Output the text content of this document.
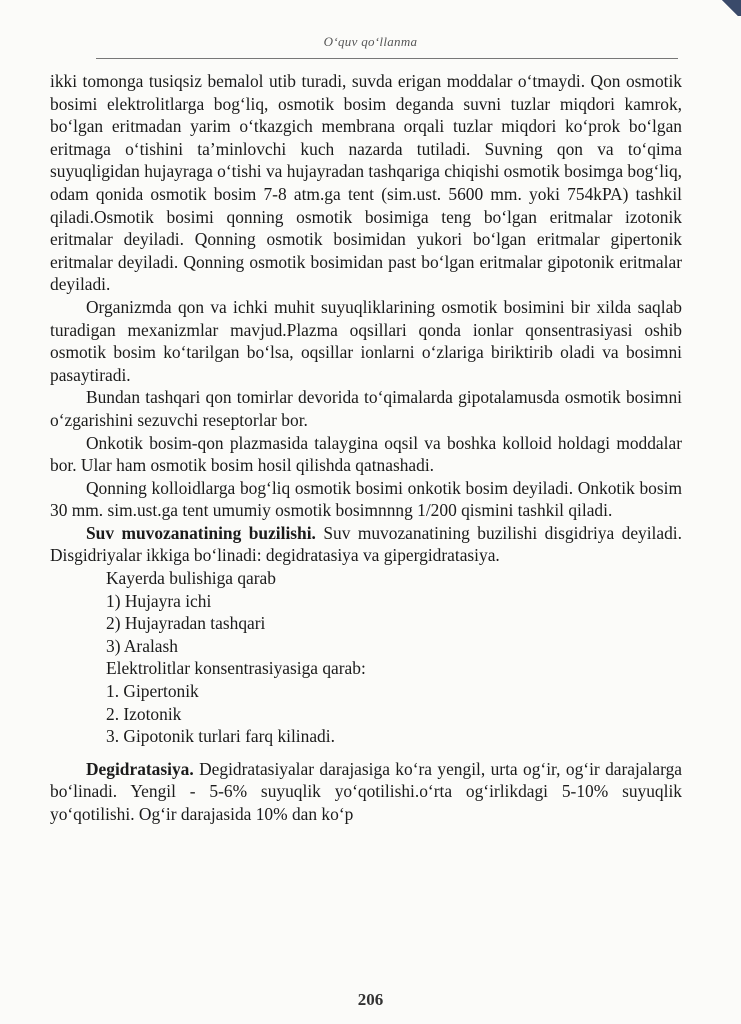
O‘quv qo‘llanma

ikki tomonga tusiqsiz bemalol utib turadi, suvda erigan moddalar o‘tmaydi. Qon osmotik bosimi elektrolitlarga bog‘liq, osmotik bosim deganda suvni tuzlar miqdori kamrok, bo‘lgan eritmadan yarim o‘tkazgich membrana orqali tuzlar miqdori ko‘prok bo‘lgan eritmaga o‘tishini ta’minlovchi kuch nazarda tutiladi. Suvning qon va to‘qima suyuqligidan hujayraga o‘tishi va hujayradan tashqariga chiqishi osmotik bosimga bog‘liq, odam qonida osmotik bosim 7-8 atm.ga tent (sim.ust. 5600 mm. yoki 754kPA) tashkil qiladi.Osmotik bosimi qonning osmotik bosimiga teng bo‘lgan eritmalar izotonik eritmalar deyiladi. Qonning osmotik bosimidan yukori bo‘lgan eritmalar gipertonik eritmalar deyiladi. Qonning osmotik bosimidan past bo‘lgan eritmalar gipotonik eritmalar deyiladi.

Organizmda qon va ichki muhit suyuqliklarining osmotik bosimini bir xilda saqlab turadigan mexanizmlar mavjud.Plazma oqsillari qonda ionlar qonsentrasiyasi oshib osmotik bosim ko‘tarilgan bo‘lsa, oqsillar ionlarni o‘zlariga biriktirib oladi va bosimni pasaytiradi.

Bundan tashqari qon tomirlar devorida to‘qimalarda gipotalamusda osmotik bosimni o‘zgarishini sezuvchi reseptorlar bor.

Onkotik bosim-qon plazmasida talaygina oqsil va boshka kolloid holdagi moddalar bor. Ular ham osmotik bosim hosil qilishda qatnashadi.

Qonning kolloidlarga bog‘liq osmotik bosimi onkotik bosim deyiladi. Onkotik bosim 30 mm. sim.ust.ga tent umumiy osmotik bosimnnng 1/200 qismini tashkil qiladi.

Suv muvozanatining buzilishi. Suv muvozanatining buzilishi disgidriya deyiladi. Disgidriyalar ikkiga bo‘linadi: degidratasiya va gipergidratasiya.

Kayerda bulishiga qarab

1) Hujayra ichi

2) Hujayradan tashqari

3) Aralash

Elektrolitlar konsentrasiyasiga qarab:

1. Gipertonik

2. Izotonik

3. Gipotonik turlari farq kilinadi.

Degidratasiya. Degidratasiyalar darajasiga ko‘ra yengil, urta og‘ir, og‘ir darajalarga bo‘linadi. Yengil - 5-6% suyuqlik yo‘qotilishi.o‘rta og‘irlikdagi 5-10% suyuqlik yo‘qotilishi. Og‘ir darajasida 10% dan ko‘p

206
